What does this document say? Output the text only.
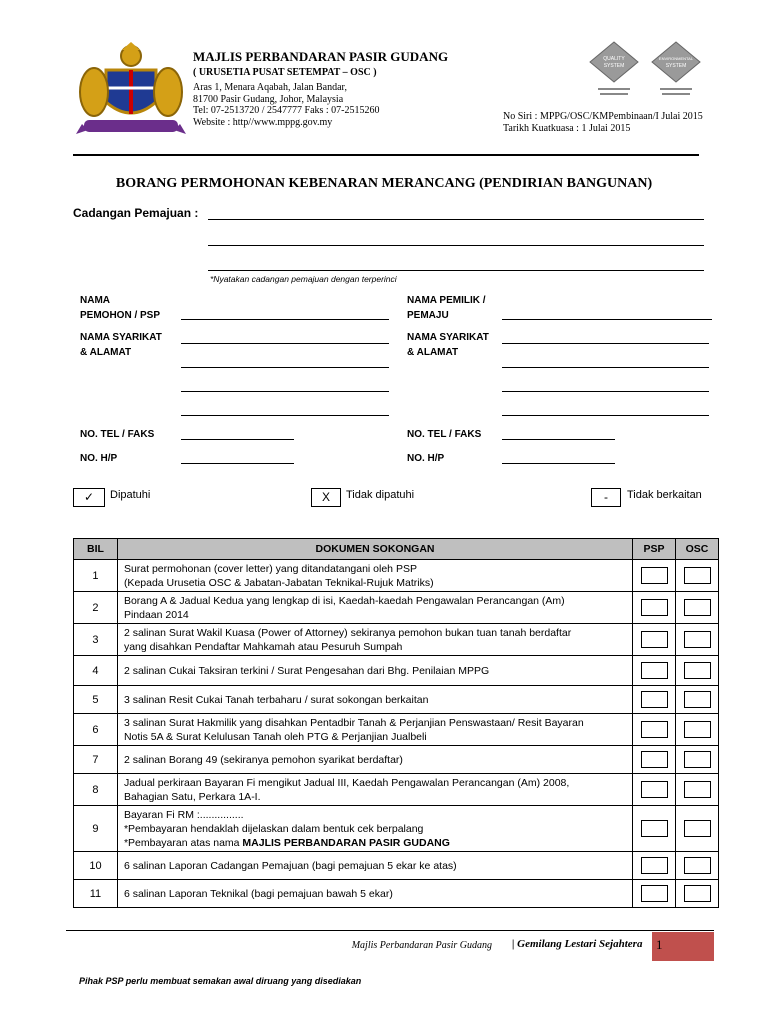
MAJLIS PERBANDARAN PASIR GUDANG
( URUSETIA PUSAT SETEMPAT – OSC )
Aras 1, Menara Aqabah, Jalan Bandar,
81700 Pasir Gudang, Johor, Malaysia
Tel: 07-2513720 / 2547777 Faks : 07-2515260
Website : http//www.mppg.gov.my
QUALITY
SYSTEM
ENVIRONMENTAL
SYSTEM
No Siri : MPPG/OSC/KMPembinaan/I Julai 2015
Tarikh Kuatkuasa : 1 Julai 2015
BORANG PERMOHONAN KEBENARAN MERANCANG (PENDIRIAN BANGUNAN)
Cadangan Pemajuan :
*Nyatakan cadangan pemajuan dengan terperinci
NAMA
PEMOHON / PSP
NAMA SYARIKAT
& ALAMAT
NO. TEL / FAKS
NO. H/P
NAMA PEMILIK /
PEMAJU
NAMA SYARIKAT
& ALAMAT
NO. TEL / FAKS
NO. H/P
✓	Dipatuhi	X	Tidak dipatuhi	-	Tidak berkaitan
BIL	DOKUMEN SOKONGAN	PSP	OSC
1	Surat permohonan (cover letter) yang ditandatangani oleh PSP
(Kepada Urusetia OSC & Jabatan-Jabatan Teknikal-Rujuk Matriks)		

2	Borang A & Jadual Kedua yang lengkap di isi, Kaedah-kaedah Pengawalan Perancangan (Am)
Pindaan 2014		

3	2 salinan Surat Wakil Kuasa (Power of Attorney) sekiranya pemohon bukan tuan tanah berdaftar
yang disahkan Pendaftar Mahkamah atau Pesuruh Sumpah		

4	2 salinan Cukai Taksiran terkini / Surat Pengesahan dari Bhg. Penilaian MPPG		

5	3 salinan Resit Cukai Tanah terbaharu / surat sokongan berkaitan		

6	3 salinan Surat Hakmilik yang disahkan Pentadbir Tanah & Perjanjian Penswastaan/ Resit Bayaran
Notis 5A & Surat Kelulusan Tanah oleh PTG & Perjanjian Jualbeli		

7	2 salinan Borang 49 (sekiranya pemohon syarikat berdaftar)		

8	Jadual perkiraan Bayaran Fi mengikut Jadual III, Kaedah Pengawalan Perancangan (Am) 2008,
Bahagian Satu, Perkara 1A-I.		

9	Bayaran Fi RM :...............
*Pembayaran hendaklah dijelaskan dalam bentuk cek berpalang
*Pembayaran atas nama MAJLIS PERBANDARAN PASIR GUDANG		

10	6 salinan Laporan Cadangan Pemajuan (bagi pemajuan 5 ekar ke atas)		

11	6 salinan Laporan Teknikal (bagi pemajuan bawah 5 ekar)		

Majlis Perbandaran Pasir Gudang | Gemilang Lestari Sejahtera 1
Pihak PSP perlu membuat semakan awal diruang yang disediakan
